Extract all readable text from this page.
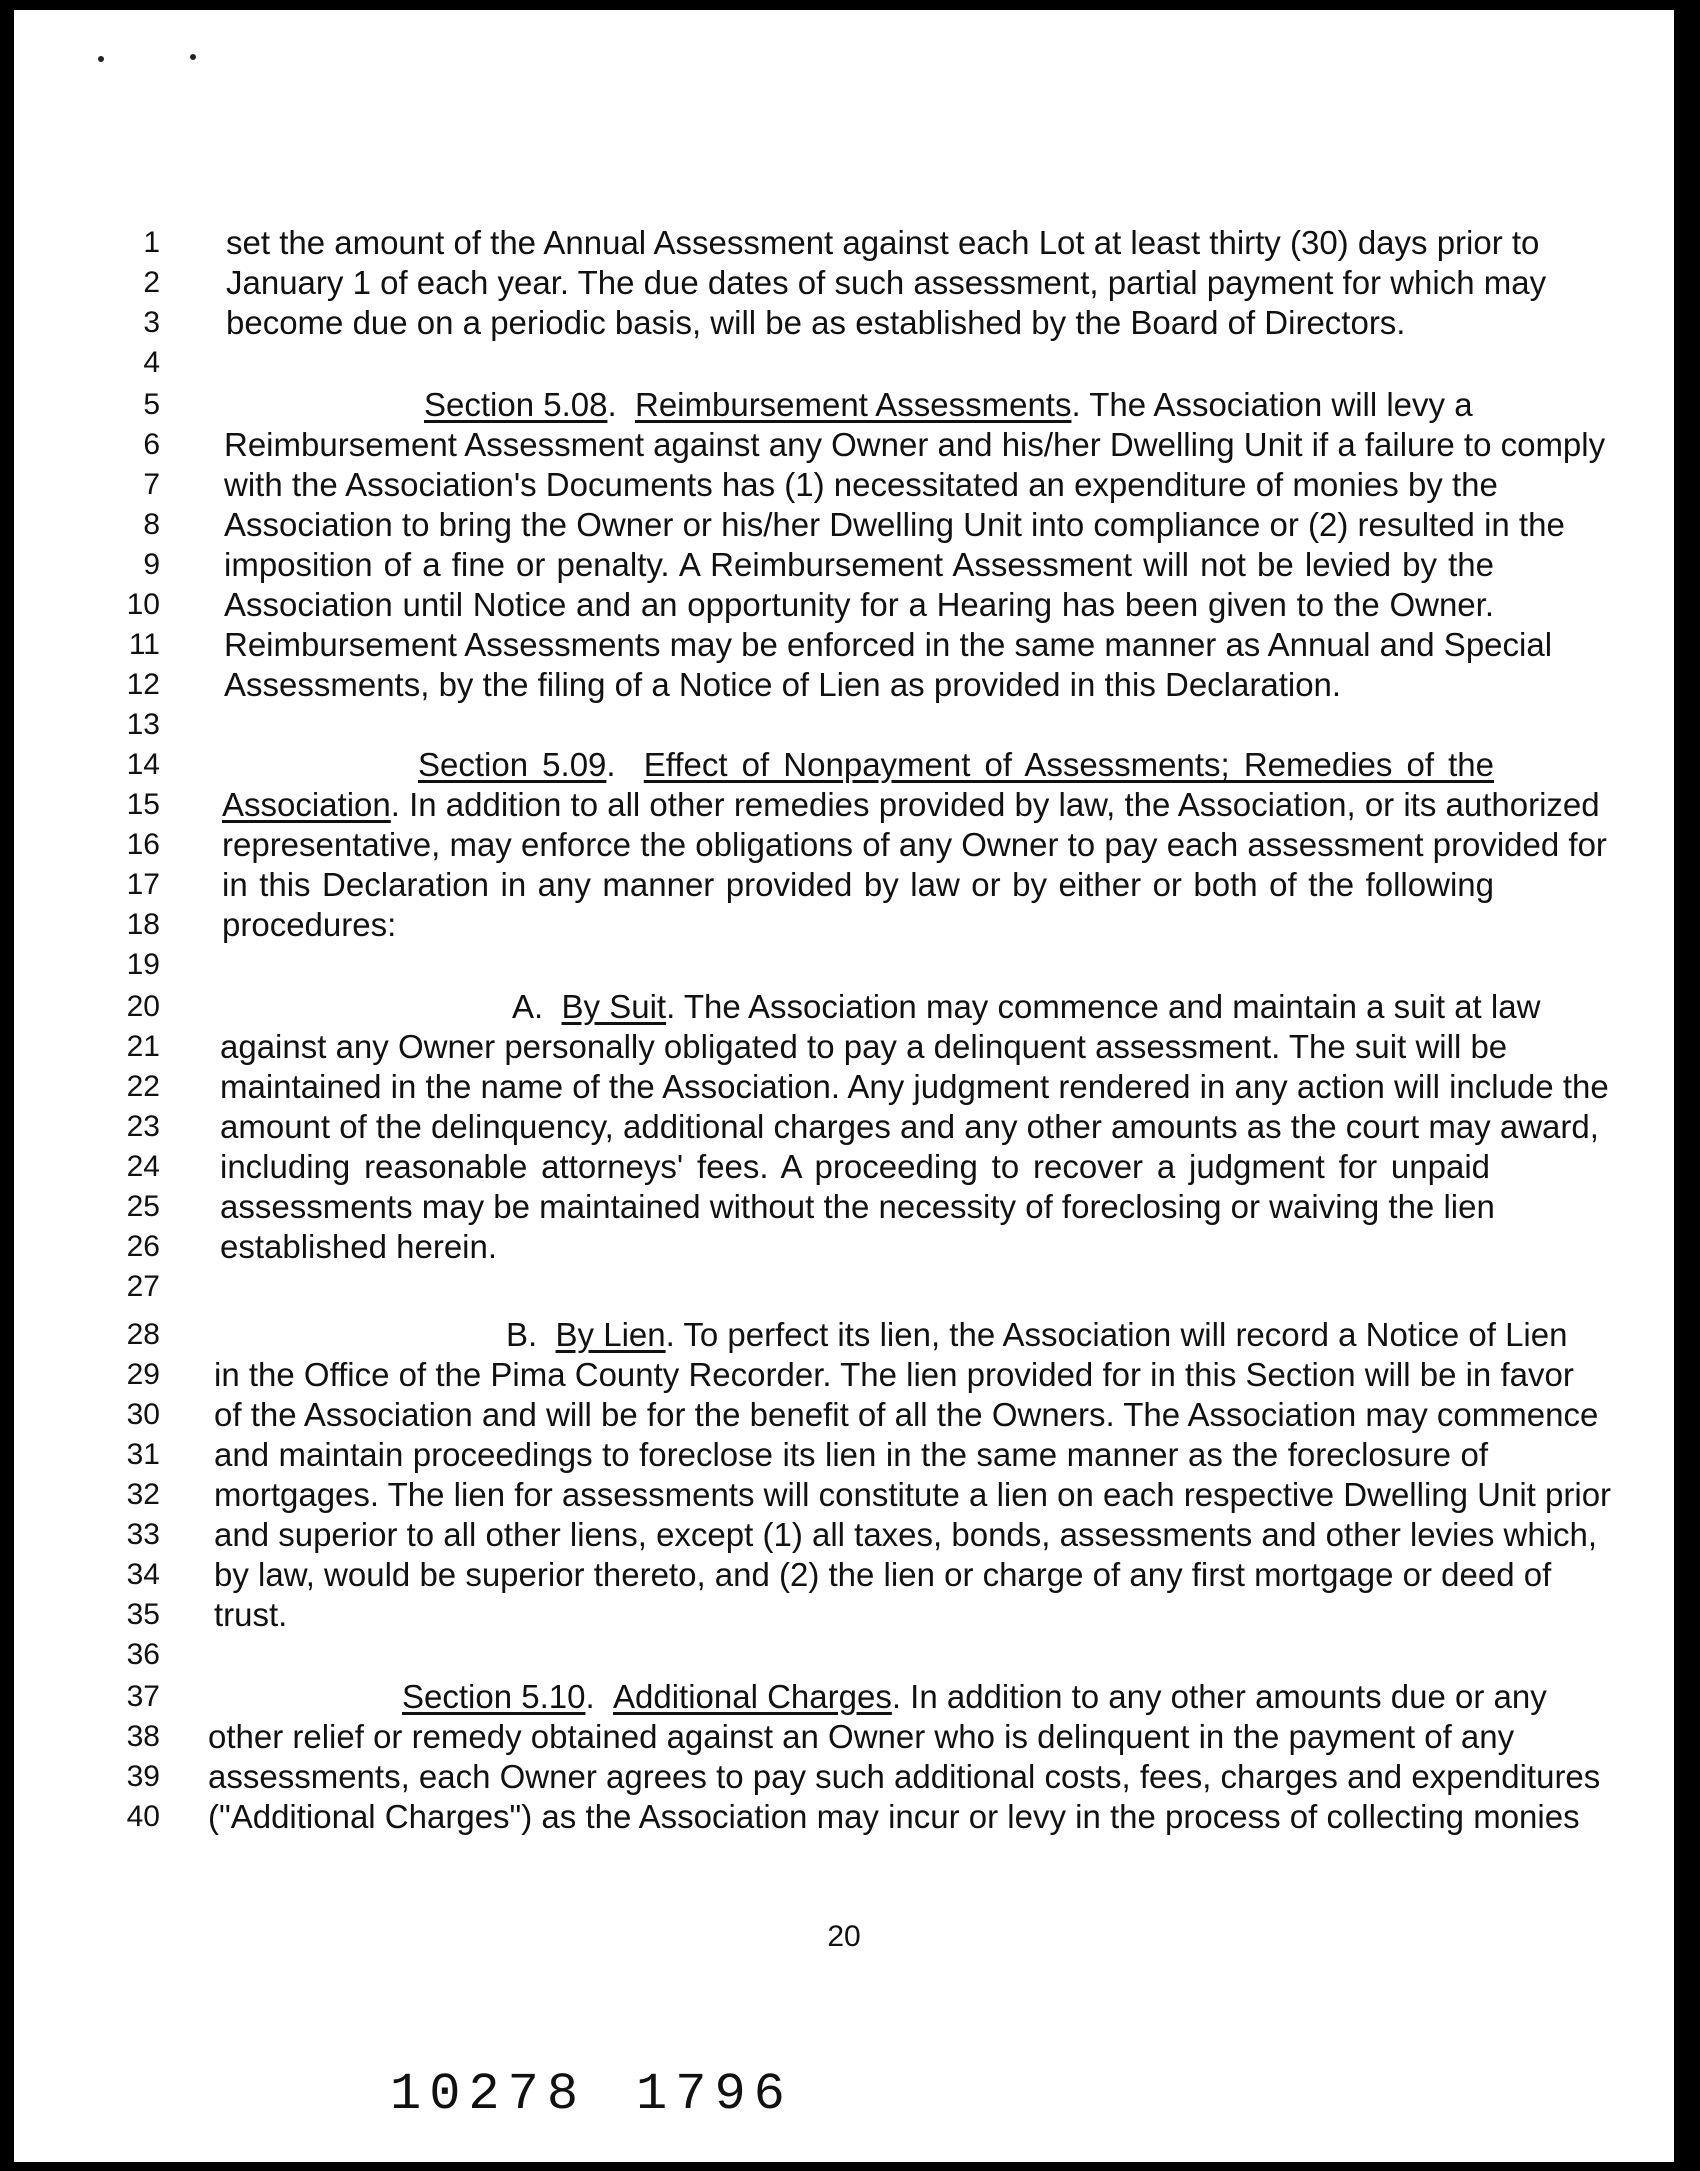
1
2
3
4
5
6
7
8
9
10
11
12
13
14
15
16
17
18
19
20
21
22
23
24
25
26
27
28
29
30
31
32
33
34
35
36
37
38
39
40
set the amount of the Annual Assessment against each Lot at least thirty (30) days prior to
January 1 of each year. The due dates of such assessment, partial payment for which may
become due on a periodic basis, will be as established by the Board of Directors.
Section 5.08.  Reimbursement Assessments. The Association will levy a
Reimbursement Assessment against any Owner and his/her Dwelling Unit if a failure to comply
with the Association's Documents has (1) necessitated an expenditure of monies by the
Association to bring the Owner or his/her Dwelling Unit into compliance or (2) resulted in the
imposition of a fine or penalty. A Reimbursement Assessment will not be levied by the
Association until Notice and an opportunity for a Hearing has been given to the Owner.
Reimbursement Assessments may be enforced in the same manner as Annual and Special
Assessments, by the filing of a Notice of Lien as provided in this Declaration.
Section 5.09.  Effect of Nonpayment of Assessments; Remedies of the
Association. In addition to all other remedies provided by law, the Association, or its authorized
representative, may enforce the obligations of any Owner to pay each assessment provided for
in this Declaration in any manner provided by law or by either or both of the following
procedures:
A. By Suit. The Association may commence and maintain a suit at law
against any Owner personally obligated to pay a delinquent assessment. The suit will be
maintained in the name of the Association. Any judgment rendered in any action will include the
amount of the delinquency, additional charges and any other amounts as the court may award,
including reasonable attorneys' fees. A proceeding to recover a judgment for unpaid
assessments may be maintained without the necessity of foreclosing or waiving the lien
established herein.
B. By Lien. To perfect its lien, the Association will record a Notice of Lien
in the Office of the Pima County Recorder. The lien provided for in this Section will be in favor
of the Association and will be for the benefit of all the Owners. The Association may commence
and maintain proceedings to foreclose its lien in the same manner as the foreclosure of
mortgages. The lien for assessments will constitute a lien on each respective Dwelling Unit prior
and superior to all other liens, except (1) all taxes, bonds, assessments and other levies which,
by law, would be superior thereto, and (2) the lien or charge of any first mortgage or deed of
trust.
Section 5.10.  Additional Charges. In addition to any other amounts due or any
other relief or remedy obtained against an Owner who is delinquent in the payment of any
assessments, each Owner agrees to pay such additional costs, fees, charges and expenditures
("Additional Charges") as the Association may incur or levy in the process of collecting monies
20
10278 1796
